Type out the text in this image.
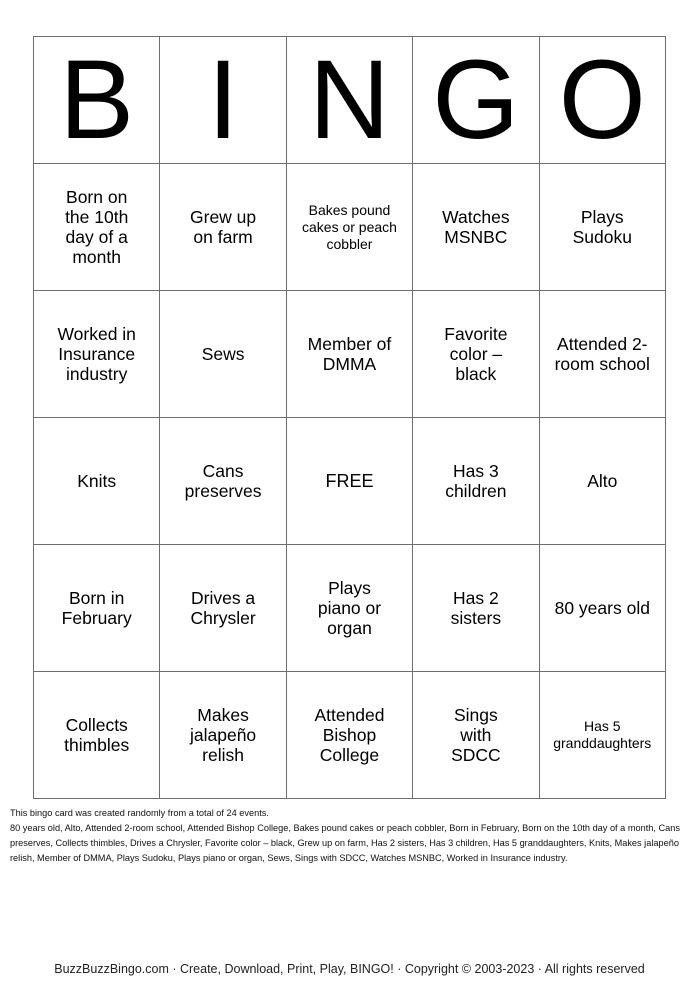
B	I	N	G	O
Born on the 10th day of a month	Grew up on farm	Bakes pound cakes or peach cobbler	Watches MSNBC	Plays Sudoku
Worked in Insurance industry	Sews	Member of DMMA	Favorite color – black	Attended 2-room school
Knits	Cans preserves	FREE	Has 3 children	Alto
Born in February	Drives a Chrysler	Plays piano or organ	Has 2 sisters	80 years old
Collects thimbles	Makes jalapeño relish	Attended Bishop College	Sings with SDCC	Has 5 granddaughters
This bingo card was created randomly from a total of 24 events.
80 years old, Alto, Attended 2-room school, Attended Bishop College, Bakes pound cakes or peach cobbler, Born in February, Born on the 10th day of a month, Cans preserves, Collects thimbles, Drives a Chrysler, Favorite color – black, Grew up on farm, Has 2 sisters, Has 3 children, Has 5 granddaughters, Knits, Makes jalapeño relish, Member of DMMA, Plays Sudoku, Plays piano or organ, Sews, Sings with SDCC, Watches MSNBC, Worked in Insurance industry.
BuzzBuzzBingo.com · Create, Download, Print, Play, BINGO! · Copyright © 2003-2023 · All rights reserved
